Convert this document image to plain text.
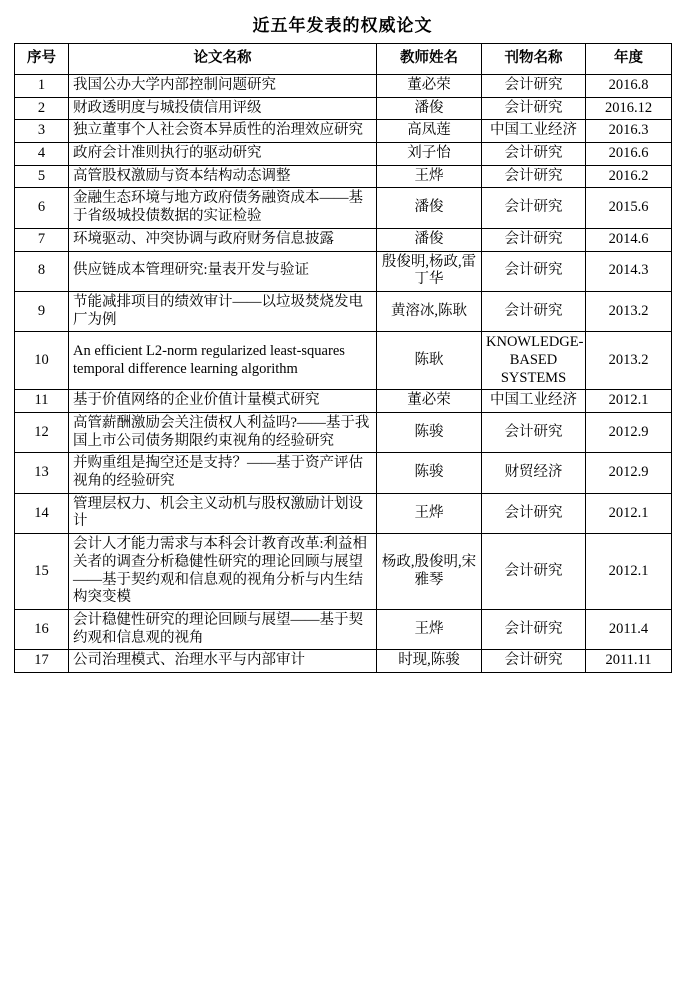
近五年发表的权威论文
序号	论文名称	教师姓名	刊物名称	年度
1	我国公办大学内部控制问题研究	董必荣	会计研究	2016.8
2	财政透明度与城投债信用评级	潘俊	会计研究	2016.12
3	独立董事个人社会资本异质性的治理效应研究	高凤莲	中国工业经济	2016.3
4	政府会计准则执行的驱动研究	刘子怡	会计研究	2016.6
5	高管股权激励与资本结构动态调整	王烨	会计研究	2016.2
6	金融生态环境与地方政府债务融资成本——基于省级城投债数据的实证检验	潘俊	会计研究	2015.6
7	环境驱动、冲突协调与政府财务信息披露	潘俊	会计研究	2014.6
8	供应链成本管理研究:量表开发与验证	殷俊明,杨政,雷丁华	会计研究	2014.3
9	节能减排项目的绩效审计——以垃圾焚烧发电厂为例	黄溶冰,陈耿	会计研究	2013.2
10	An efficient L2-norm regularized least-squares temporal difference learning algorithm	陈耿	KNOWLEDGE-BASED SYSTEMS	2013.2
11	基于价值网络的企业价值计量模式研究	董必荣	中国工业经济	2012.1
12	高管薪酬激励会关注债权人利益吗?——基于我国上市公司债务期限约束视角的经验研究	陈骏	会计研究	2012.9
13	并购重组是掏空还是支持？——基于资产评估视角的经验研究	陈骏	财贸经济	2012.9
14	管理层权力、机会主义动机与股权激励计划设计	王烨	会计研究	2012.1
15	会计人才能力需求与本科会计教育改革:利益相关者的调查分析稳健性研究的理论回顾与展望——基于契约观和信息观的视角分析与内生结构突变模	杨政,殷俊明,宋雅琴	会计研究	2012.1
16	会计稳健性研究的理论回顾与展望——基于契约观和信息观的视角	王烨	会计研究	2011.4
17	公司治理模式、治理水平与内部审计	时现,陈骏	会计研究	2011.11
